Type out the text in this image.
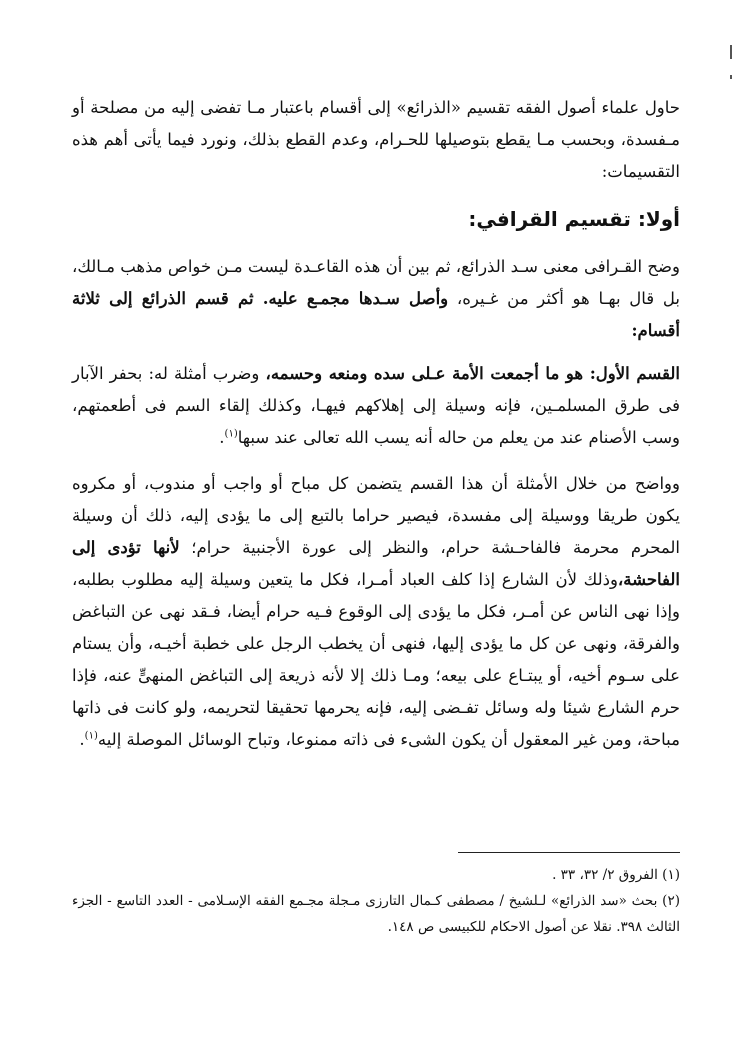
حاول علماء أصول الفقه تقسيم «الذرائع» إلى أقسام باعتبار مـا تفضى إليه من مصلحة أو مـفسدة، وبحسب مـا يقطع بتوصيلها للحـرام، وعدم القطع بذلك، ونورد فيما يأتى أهم هذه التقسيمات:

أولا: تقسيم القرافي:

وضح القـرافى معنى سـد الذرائع، ثم بين أن هذه القاعـدة ليست مـن خواص مذهب مـالك، بل قال بهـا هو أكثر من غـيره، وأصل سـدها مجمـع عليه. ثم قسم الذرائع إلى ثلاثة أقسام:

القسم الأول: هو ما أجمعت الأمة عـلى سده ومنعه وحسمه، وضرب أمثلة له: بحفر الآبار فى طرق المسلمـين، فإنه وسيلة إلى إهلاكهم فيهـا، وكذلك إلقاء السم فى أطعمتهم، وسب الأصنام عند من يعلم من حاله أنه يسب الله تعالى عند سبها$^{(١)}$.

وواضح من خلال الأمثلة أن هذا القسم يتضمن كل مباح أو واجب أو مندوب، أو مكروه يكون طريقا ووسيلة إلى مفسدة، فيصير حراما بالتبع إلى ما يؤدى إليه، ذلك أن وسيلة المحرم محرمة فالفاحـشة حرام، والنظر إلى عورة الأجنبية حرام؛ لأنها تؤدى إلى الفاحشة،وذلك لأن الشارع إذا كلف العباد أمـرا، فكل ما يتعين وسيلة إليه مطلوب بطلبه، وإذا نهى الناس عن أمـر، فكل ما يؤدى إلى الوقوع فـيه حرام أيضا، فـقد نهى عن التباغض والفرقة، ونهى عن كل ما يؤدى إليها، فنهى أن يخطب الرجل على خطبة أخيـه، وأن يستام على سـوم أخيه، أو يبتـاع على بيعه؛ ومـا ذلك إلا لأنه ذريعة إلى التباغض المنهىٍّ عنه، فإذا حرم الشارع شيئا وله وسائل تفـضى إليه، فإنه يحرمها تحقيقا لتحريمه، ولو كانت فى ذاتها مباحة، ومن غير المعقول أن يكون الشىء فى ذاته ممنوعا، وتباح الوسائل الموصلة إليه$^{(١)}$.

(١) الفروق ٢/ ٣٢، ٣٣ .

(٢) بحث «سد الذرائع» لـلشيخ / مصطفى كـمال التارزى مـجلة مجـمع الفقه الإسـلامى - العدد التاسع - الجزء الثالث ٣٩٨. نقلا عن أصول الاحكام للكبيسى ص ١٤٨.
